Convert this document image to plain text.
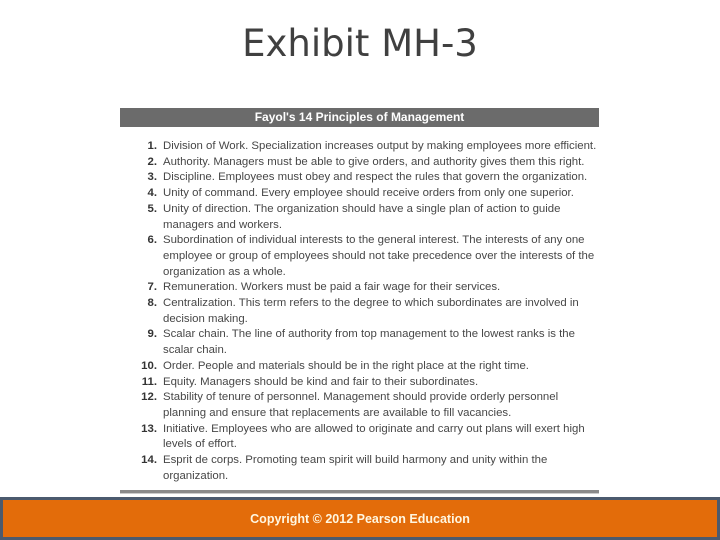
Exhibit MH-3
Fayol's 14 Principles of Management
1. Division of Work. Specialization increases output by making employees more efficient.
2. Authority. Managers must be able to give orders, and authority gives them this right.
3. Discipline. Employees must obey and respect the rules that govern the organization.
4. Unity of command. Every employee should receive orders from only one superior.
5. Unity of direction. The organization should have a single plan of action to guide managers and workers.
6. Subordination of individual interests to the general interest. The interests of any one employee or group of employees should not take precedence over the interests of the organization as a whole.
7. Remuneration. Workers must be paid a fair wage for their services.
8. Centralization. This term refers to the degree to which subordinates are involved in decision making.
9. Scalar chain. The line of authority from top management to the lowest ranks is the scalar chain.
10. Order. People and materials should be in the right place at the right time.
11. Equity. Managers should be kind and fair to their subordinates.
12. Stability of tenure of personnel. Management should provide orderly personnel planning and ensure that replacements are available to fill vacancies.
13. Initiative. Employees who are allowed to originate and carry out plans will exert high levels of effort.
14. Esprit de corps. Promoting team spirit will build harmony and unity within the organization.
Copyright © 2012 Pearson Education
